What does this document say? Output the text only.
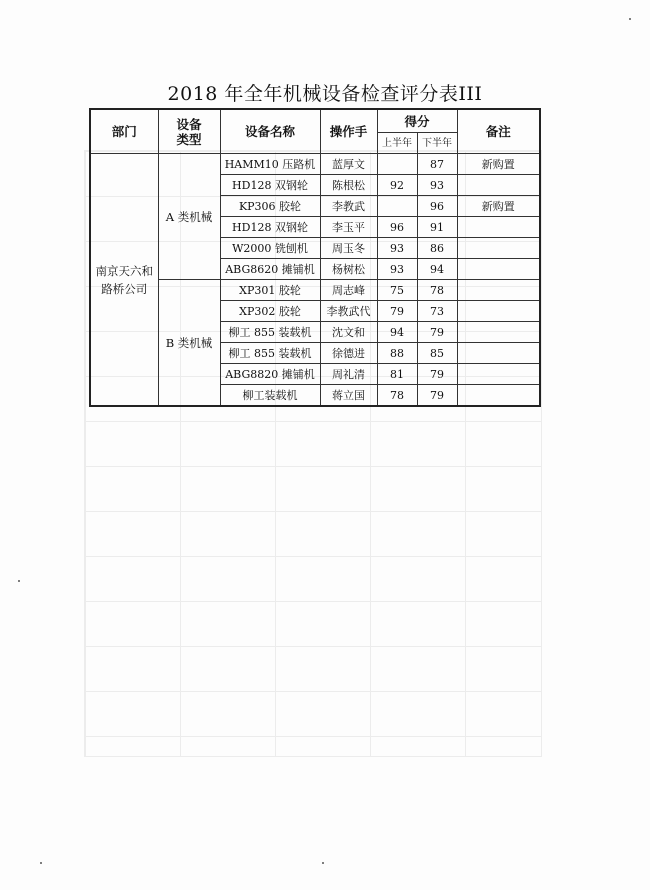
2018 年全年机械设备检查评分表III
部门	设备类型	设备名称	操作手	得分		备注
				上半年	下半年	
南京天六和路桥公司	A 类机械	HAMM10 压路机	蓝厚文		87	新购置
		HD128 双钢轮	陈根松	92	93	
		KP306 胶轮	李教武		96	新购置
		HD128 双钢轮	李玉平	96	91	
		W2000 铣刨机	周玉冬	93	86	
		ABG8620 摊铺机	杨树松	93	94	
	B 类机械	XP301 胶轮	周志峰	75	78	
		XP302 胶轮	李教武代	79	73	
		柳工 855 装载机	沈文和	94	79	
		柳工 855 装载机	徐德进	88	85	
		ABG8820 摊铺机	周礼清	81	79	
		柳工装载机	蒋立国	78	79	
